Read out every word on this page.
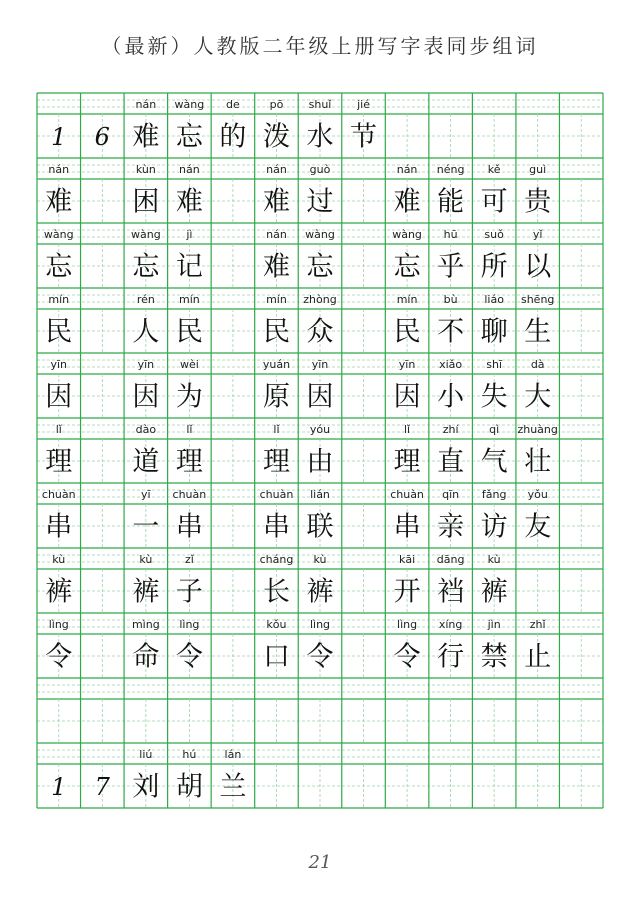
（最新）人教版二年级上册写字表同步组词
1 6
nán
难
wàng
忘
de
的
pō
泼
shuǐ
水
jié
节
nán
难
kùn
困
nán
难
nán
难
guò
过
nán
难
néng
能
kě
可
guì
贵
wàng
忘
wàng
忘
jì
记
nán
难
wàng
忘
wàng
忘
hū
乎
suǒ
所
yǐ
以
mín
民
rén
人
mín
民
mín
民
zhòng
众
mín
民
bù
不
liáo
聊
shēng
生
yīn
因
yīn
因
wèi
为
yuán
原
yīn
因
yīn
因
xiǎo
小
shī
失
dà
大
lǐ
理
dào
道
lǐ
理
lǐ
理
yóu
由
lǐ
理
zhí
直
qì
气
zhuàng
壮
chuàn
串
yī
一
chuàn
串
chuàn
串
lián
联
chuàn
串
qīn
亲
fǎng
访
yǒu
友
kù
裤
kù
裤
zǐ
子
cháng
长
kù
裤
kāi
开
dāng
裆
kù
裤
lìng
令
mìng
命
lìng
令
kǒu
口
lìng
令
lìng
令
xíng
行
jìn
禁
zhǐ
止
1 7
liú
刘
hú
胡
lán
兰
21
